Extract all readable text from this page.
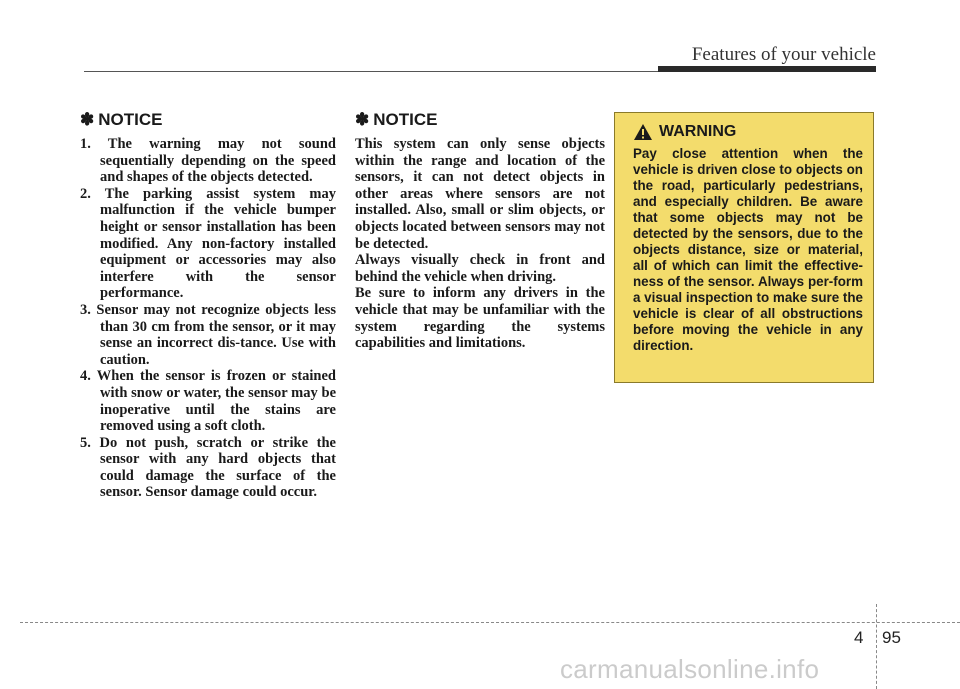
Features of your vehicle
✽ NOTICE
1. The warning may not sound sequentially depending on the speed and shapes of the objects detected.
2. The parking assist system may malfunction if the vehicle bumper height or sensor installation has been modified. Any non-factory installed equipment or accessories may also interfere with the sensor performance.
3. Sensor may not recognize objects less than 30 cm from the sensor, or it may sense an incorrect dis-tance. Use with caution.
4. When the sensor is frozen or stained with snow or water, the sensor may be inoperative until the stains are removed using a soft cloth.
5. Do not push, scratch or strike the sensor with any hard objects that could damage the surface of the sensor. Sensor damage could occur.
✽ NOTICE

This system can only sense objects within the range and location of the sensors, it can not detect objects in other areas where sensors are not installed. Also, small or slim objects, or objects located between sensors may not be detected.

Always visually check in front and behind the vehicle when driving.

Be sure to inform any drivers in the vehicle that may be unfamiliar with the system regarding the systems capabilities and limitations.

WARNING

Pay close attention when the vehicle is driven close to objects on the road, particularly pedestrians, and especially children. Be aware that some objects may not be detected by the sensors, due to the objects distance, size or material, all of which can limit the effective-ness of the sensor. Always per-form a visual inspection to make sure the vehicle is clear of all obstructions before moving the vehicle in any direction.

4 95
carmanualsonline.info
